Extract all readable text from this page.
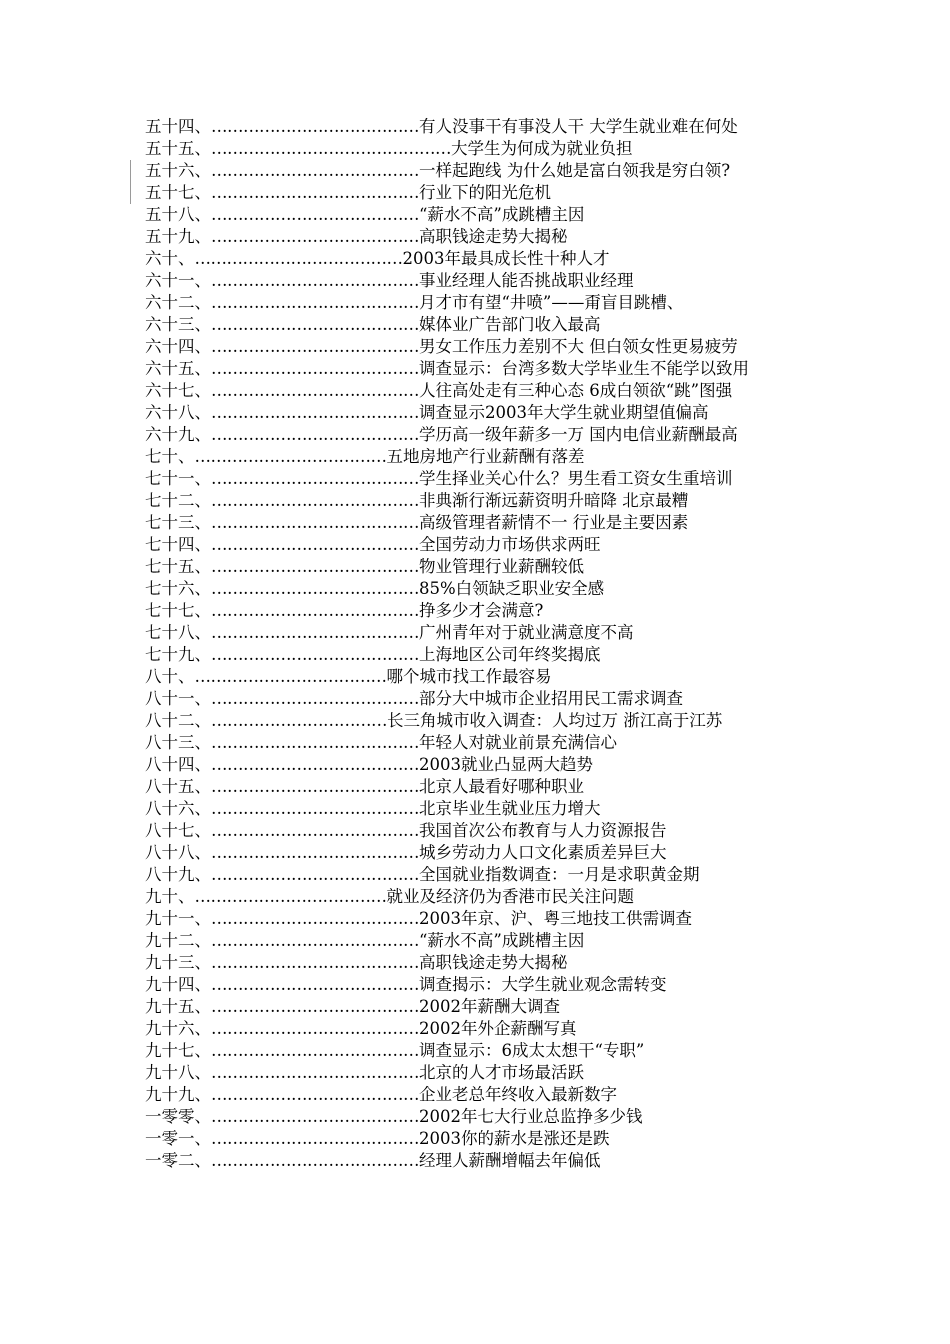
五十四、…………………………………有人没事干有事没人干 大学生就业难在何处
五十五、………………………………………大学生为何成为就业负担
五十六、…………………………………一样起跑线 为什么她是富白领我是穷白领?
五十七、…………………………………行业下的阳光危机
五十八、…………………………………“薪水不高”成跳槽主因
五十九、…………………………………高职钱途走势大揭秘
六十、…………………………………2003年最具成长性十种人才
六十一、…………………………………事业经理人能否挑战职业经理
六十二、…………………………………月才市有望“井喷”——甭盲目跳槽、
六十三、…………………………………媒体业广告部门收入最高
六十四、…………………………………男女工作压力差别不大 但白领女性更易疲劳
六十五、…………………………………调查显示：台湾多数大学毕业生不能学以致用
六十七、…………………………………人往高处走有三种心态 6成白领欲“跳”图强
六十八、…………………………………调查显示2003年大学生就业期望值偏高
六十九、…………………………………学历高一级年薪多一万 国内电信业薪酬最高
七十、………………………………五地房地产行业薪酬有落差
七十一、…………………………………学生择业关心什么？男生看工资女生重培训
七十二、…………………………………非典渐行渐远薪资明升暗降 北京最糟
七十三、…………………………………高级管理者薪情不一 行业是主要因素
七十四、…………………………………全国劳动力市场供求两旺
七十五、…………………………………物业管理行业薪酬较低
七十六、…………………………………85%白领缺乏职业安全感
七十七、…………………………………挣多少才会满意?
七十八、…………………………………广州青年对于就业满意度不高
七十九、…………………………………上海地区公司年终奖揭底
八十、………………………………哪个城市找工作最容易
八十一、…………………………………部分大中城市企业招用民工需求调查
八十二、……………………………长三角城市收入调查：人均过万 浙江高于江苏
八十三、…………………………………年轻人对就业前景充满信心
八十四、…………………………………2003就业凸显两大趋势
八十五、…………………………………北京人最看好哪种职业
八十六、…………………………………北京毕业生就业压力增大
八十七、…………………………………我国首次公布教育与人力资源报告
八十八、…………………………………城乡劳动力人口文化素质差异巨大
八十九、…………………………………全国就业指数调查：一月是求职黄金期
九十、………………………………就业及经济仍为香港市民关注问题
九十一、…………………………………2003年京、沪、粤三地技工供需调查
九十二、…………………………………“薪水不高”成跳槽主因
九十三、…………………………………高职钱途走势大揭秘
九十四、…………………………………调查揭示：大学生就业观念需转变
九十五、…………………………………2002年薪酬大调查
九十六、…………………………………2002年外企薪酬写真
九十七、…………………………………调查显示：6成太太想干“专职”
九十八、…………………………………北京的人才市场最活跃
九十九、…………………………………企业老总年终收入最新数字
一零零、…………………………………2002年七大行业总监挣多少钱
一零一、…………………………………2003你的薪水是涨还是跌
一零二、…………………………………经理人薪酬增幅去年偏低
